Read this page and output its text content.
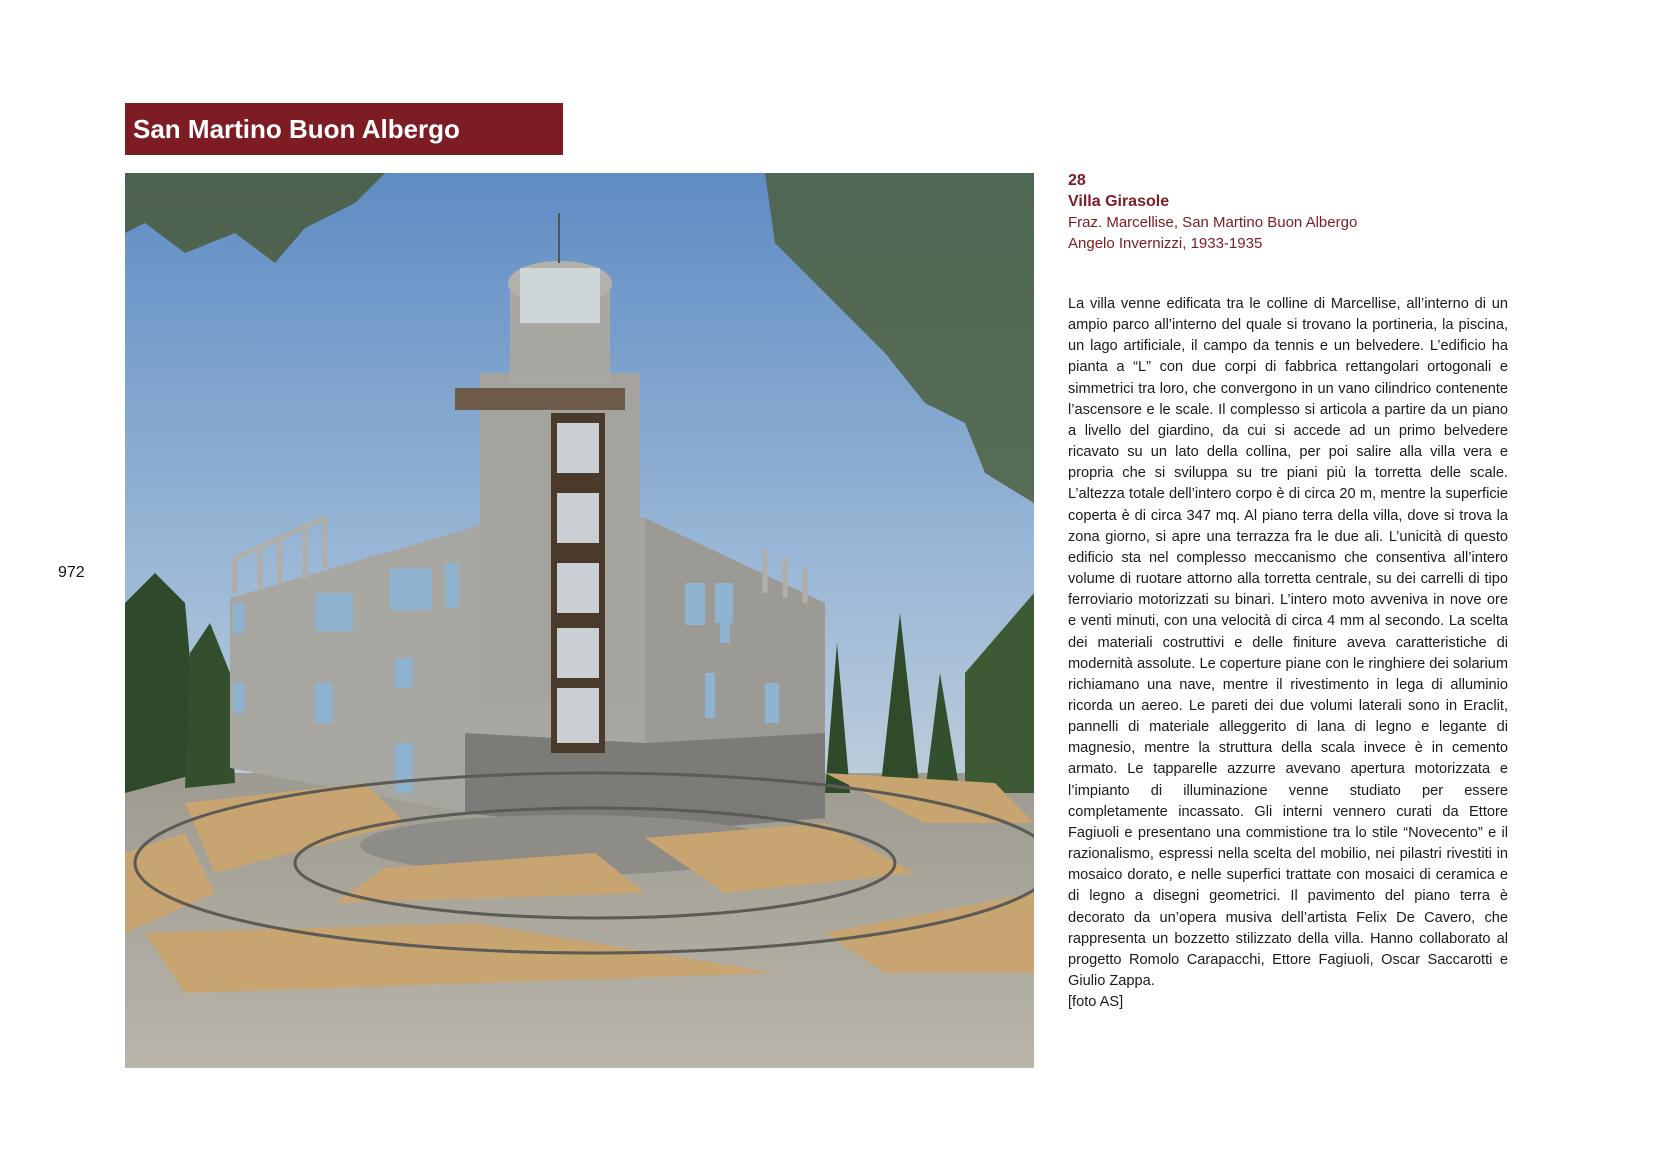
San Martino Buon Albergo
972
28
Villa Girasole
Fraz. Marcellise, San Martino Buon Albergo
Angelo Invernizzi, 1933-1935
La villa venne edificata tra le colline di Marcellise, all’interno di un ampio parco all’interno del quale si trovano la portineria, la piscina, un lago artificiale, il campo da tennis e un belvedere. L’edificio ha pianta a “L” con due corpi di fabbrica rettangolari ortogonali e simmetrici tra loro, che convergono in un vano cilindrico contenente l’ascensore e le scale. Il complesso si articola a partire da un piano a livello del giardino, da cui si accede ad un primo belvedere ricavato su un lato della collina, per poi salire alla villa vera e propria che si sviluppa su tre piani più la torretta delle scale. L’altezza totale dell’intero corpo è di circa 20 m, mentre la superficie coperta è di circa 347 mq. Al piano terra della villa, dove si trova la zona giorno, si apre una terrazza fra le due ali. L’unicità di questo edificio sta nel complesso meccanismo che consentiva all’intero volume di ruotare attorno alla torretta centrale, su dei carrelli di tipo ferroviario motorizzati su binari. L’intero moto avveniva in nove ore e venti minuti, con una velocità di circa 4 mm al secondo. La scelta dei materiali costruttivi e delle finiture aveva caratteristiche di modernità assolute. Le coperture piane con le ringhiere dei solarium richiamano una nave, mentre il rivestimento in lega di alluminio ricorda un aereo. Le pareti dei due volumi laterali sono in Eraclit, pannelli di materiale alleggerito di lana di legno e legante di magnesio, mentre la struttura della scala invece è in cemento armato. Le tapparelle azzurre avevano apertura motorizzata e l’impianto di illuminazione venne studiato per essere completamente incassato. Gli interni vennero curati da Ettore Fagiuoli e presentano una commistione tra lo stile “Novecento” e il razionalismo, espressi nella scelta del mobilio, nei pilastri rivestiti in mosaico dorato, e nelle superfici trattate con mosaici di ceramica e di legno a disegni geometrici. Il pavimento del piano terra è decorato da un’opera musiva dell’artista Felix De Cavero, che rappresenta un bozzetto stilizzato della villa. Hanno collaborato al progetto Romolo Carapacchi, Ettore Fagiuoli, Oscar Saccarotti e Giulio Zappa.
[foto AS]
